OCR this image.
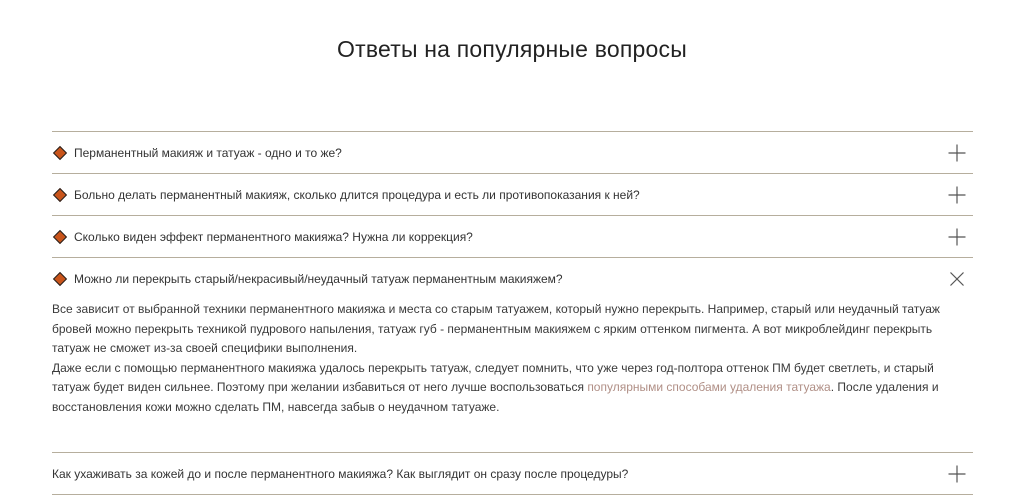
Ответы на популярные вопросы
Перманентный макияж и татуаж - одно и то же?
Больно делать перманентный макияж, сколько длится процедура и есть ли противопоказания к ней?
Сколько виден эффект перманентного макияжа? Нужна ли коррекция?
Можно ли перекрыть старый/некрасивый/неудачный татуаж перманентным макияжем?

Все зависит от выбранной техники перманентного макияжа и места со старым татуажем, который нужно перекрыть. Например, старый или неудачный татуаж бровей можно перекрыть техникой пудрового напыления, татуаж губ - перманентным макияжем с ярким оттенком пигмента. А вот микроблейдинг перекрыть татуаж не сможет из-за своей специфики выполнения.

Даже если с помощью перманентного макияжа удалось перекрыть татуаж, следует помнить, что уже через год-полтора оттенок ПМ будет светлеть, и старый татуаж будет виден сильнее. Поэтому при желании избавиться от него лучше воспользоваться популярными способами удаления татуажа. После удаления и восстановления кожи можно сделать ПМ, навсегда забыв о неудачном татуаже.

Как ухаживать за кожей до и после перманентного макияжа? Как выглядит он сразу после процедуры?
